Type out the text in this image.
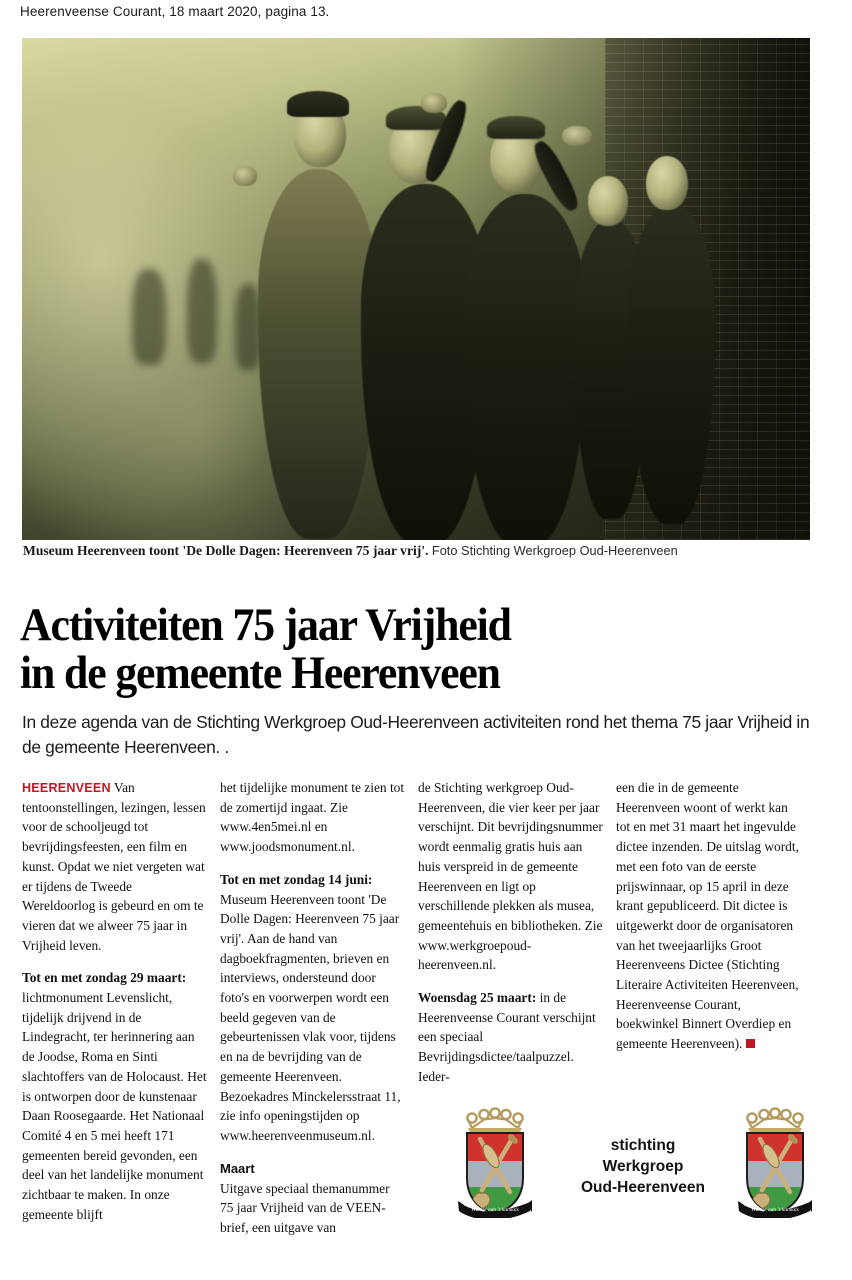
Heerenveense Courant, 18 maart 2020, pagina 13.
Museum Heerenveen toont 'De Dolle Dagen: Heerenveen 75 jaar vrij'. Foto Stichting Werkgroep Oud-Heerenveen
Activiteiten 75 jaar Vrijheid
in de gemeente Heerenveen
In deze agenda van de Stichting Werkgroep Oud-Heerenveen activiteiten rond het thema 75 jaar Vrijheid in de gemeente Heerenveen. .

HEERENVEEN Van tentoonstellingen, lezingen, lessen voor de schooljeugd tot bevrijdingsfeesten, een film en kunst. Opdat we niet vergeten wat er tijdens de Tweede Wereldoorlog is gebeurd en om te vieren dat we alweer 75 jaar in Vrijheid leven.

Tot en met zondag 29 maart: lichtmonument Levenslicht, tijdelijk drijvend in de Lindegracht, ter herinnering aan de Joodse, Roma en Sinti slachtoffers van de Holocaust. Het is ontworpen door de kunstenaar Daan Roosegaarde. Het Nationaal Comité 4 en 5 mei heeft 171 gemeenten bereid gevonden, een deel van het landelijke monument zichtbaar te maken. In onze gemeente blijft

het tijdelijke monument te zien tot de zomertijd ingaat. Zie www.4en5mei.nl en www.joodsmonument.nl.

Tot en met zondag 14 juni: Museum Heerenveen toont 'De Dolle Dagen: Heerenveen 75 jaar vrij'. Aan de hand van dagboekfragmenten, brieven en interviews, ondersteund door foto's en voorwerpen wordt een beeld gegeven van de gebeurtenissen vlak voor, tijdens en na de bevrijding van de gemeente Heerenveen. Bezoekadres Minckelersstraat 11, zie info openingstijden op www.heerenveenmuseum.nl.

Maart
Uitgave speciaal themanummer 75 jaar Vrijheid van de VEEN-brief, een uitgave van

de Stichting werkgroep Oud-Heerenveen, die vier keer per jaar verschijnt. Dit bevrijdingsnummer wordt eenmalig gratis huis aan huis verspreid in de gemeente Heerenveen en ligt op verschillende plekken als musea, gemeentehuis en bibliotheken. Zie www.werkgroepoud-heerenveen.nl.

Woensdag 25 maart: in de Heerenveense Courant verschijnt een speciaal Bevrijdingsdictee/taalpuzzel. Ieder-

een die in de gemeente Heerenveen woont of werkt kan tot en met 31 maart het ingevulde dictee inzenden. De uitslag wordt, met een foto van de eerste prijswinnaar, op 15 april in deze krant gepubliceerd. Dit dictee is uitgewerkt door de organisatoren van het tweejaarlijks Groot Heerenveens Dictee (Stichting Literaire Activiteiten Heerenveen, Heerenveense Courant, boekwinkel Binnert Overdiep en gemeente Heerenveen).

Wurkje oan 's kanaals
stichting
Werkgroep
Oud-Heerenveen
Wurkje oan 's kanaals
